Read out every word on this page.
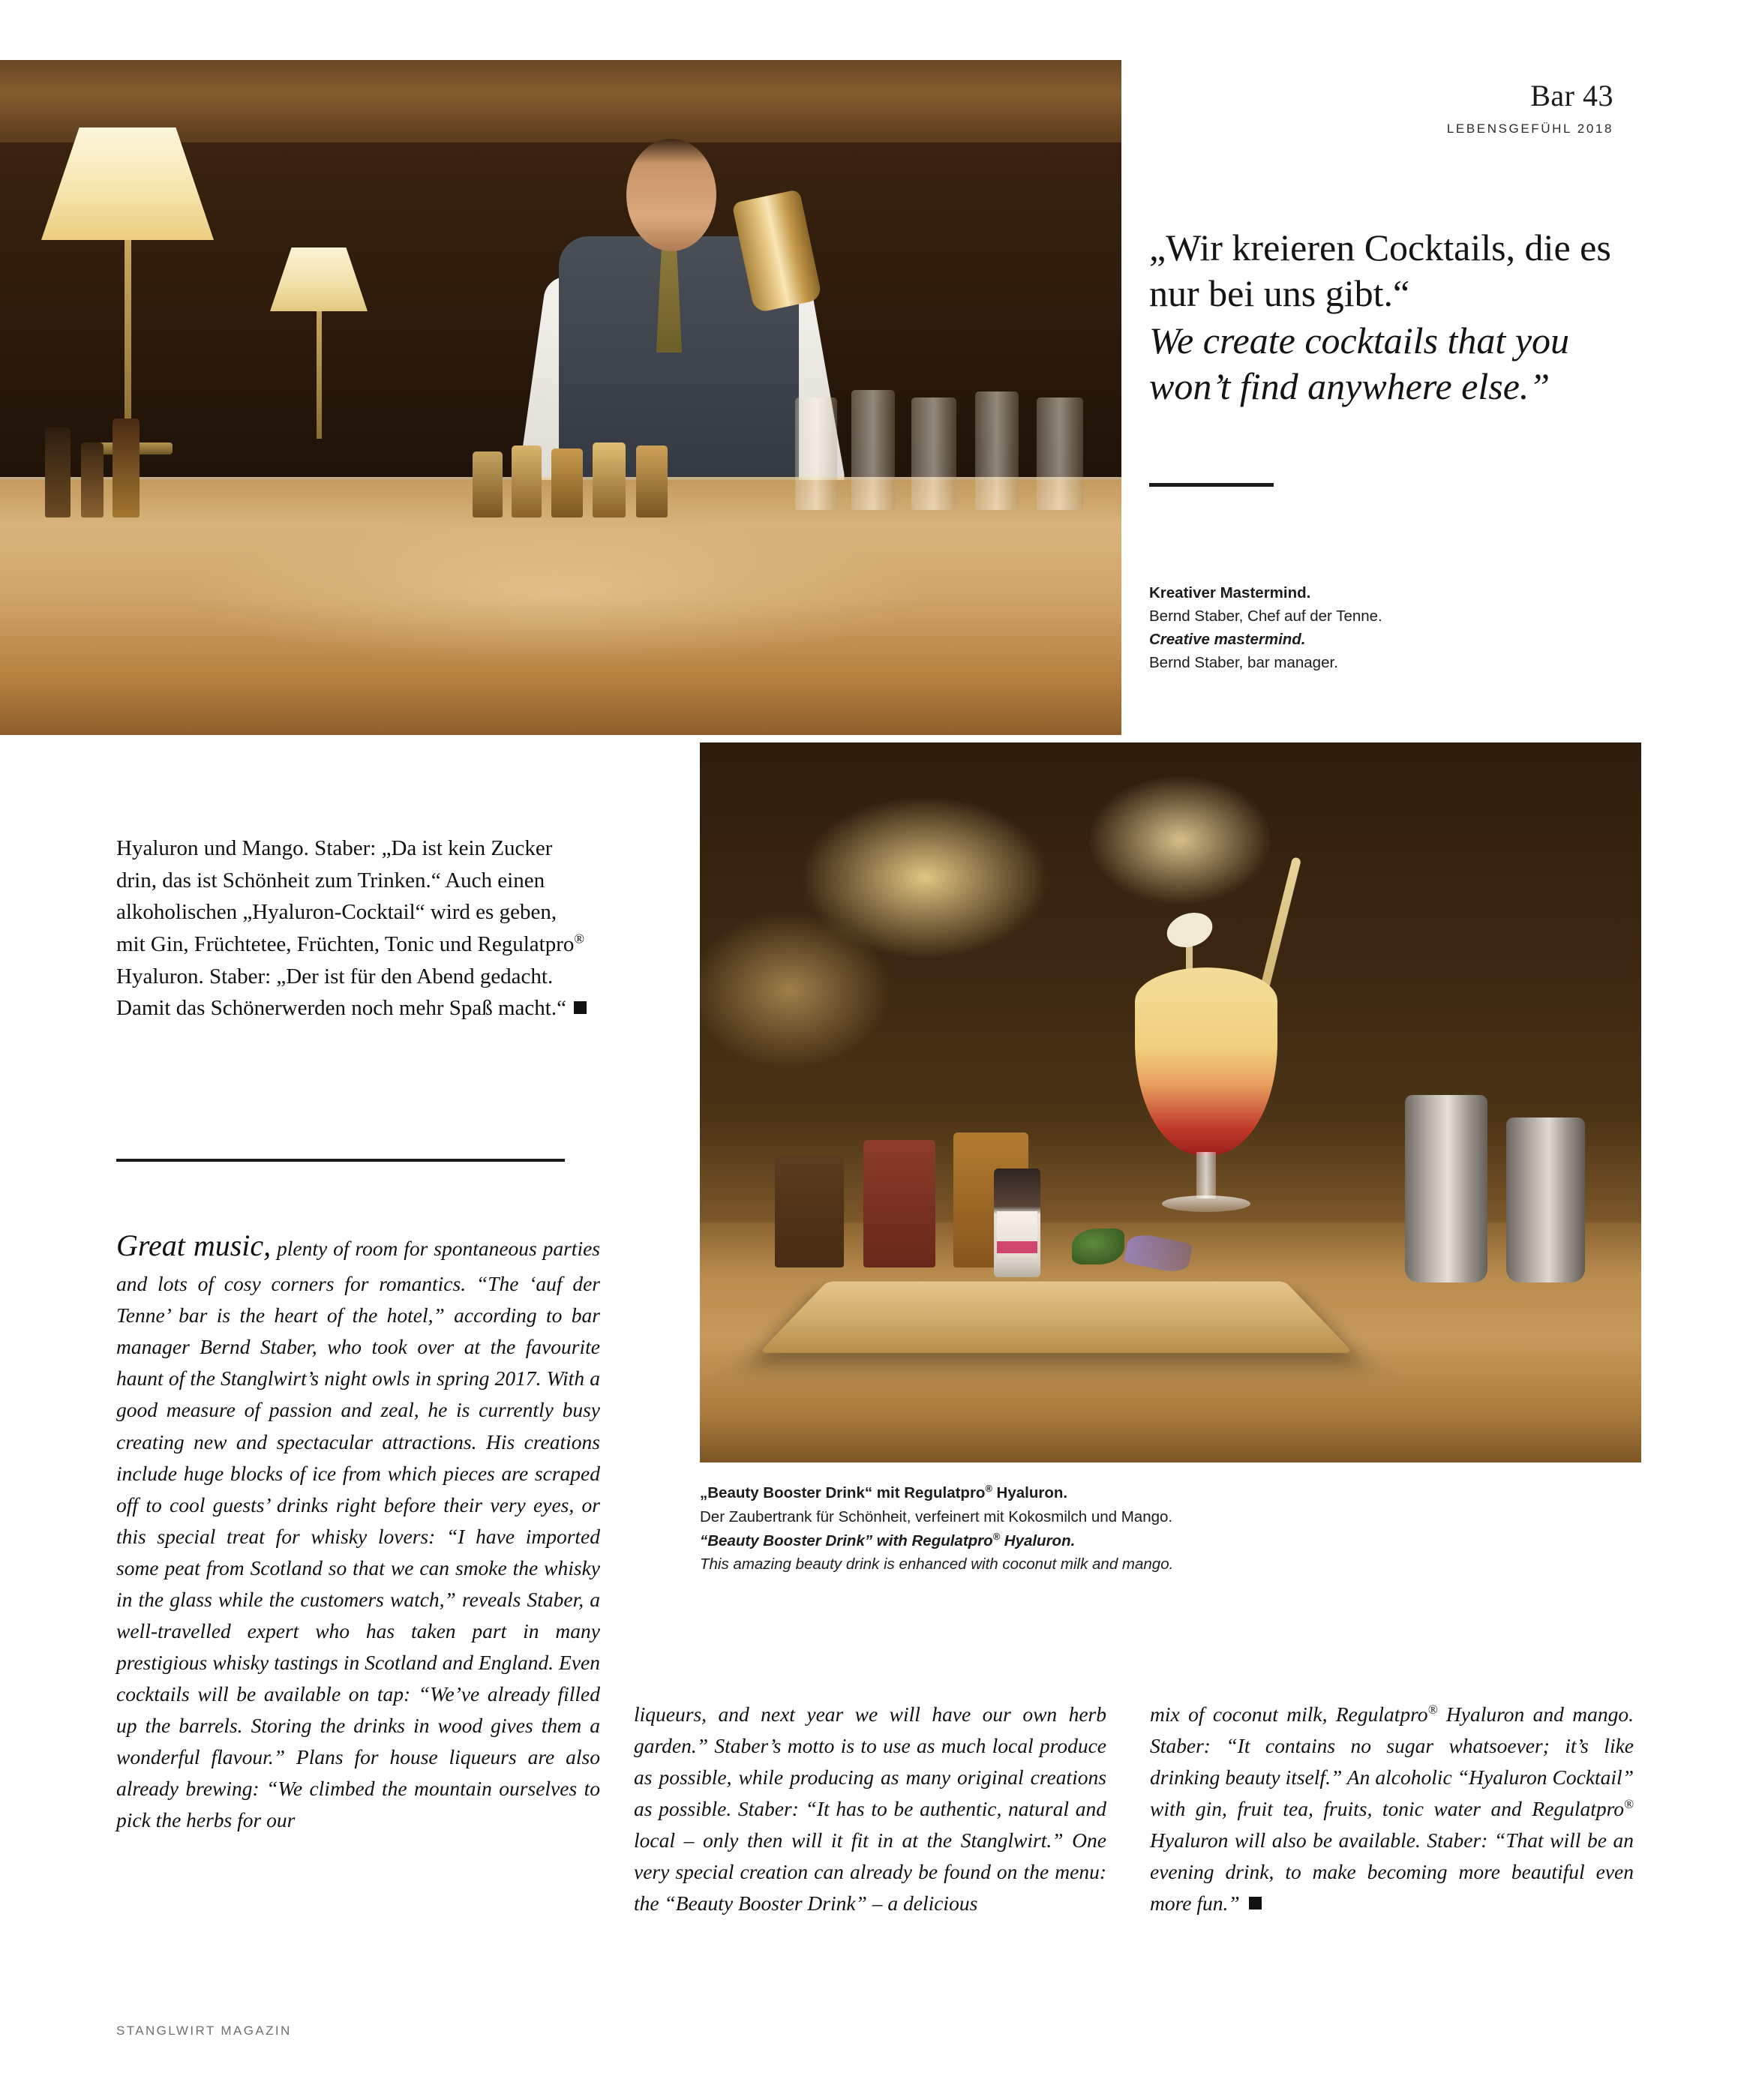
Bar 43
LEBENSGEFÜHL 2018
„Wir kreieren Cocktails, die es nur bei uns gibt.“
We create cocktails that you won’t find anywhere else.”
Kreativer Mastermind.
Bernd Staber, Chef auf der Tenne.
Creative mastermind.
Bernd Staber, bar manager.
Hyaluron und Mango. Staber: „Da ist kein Zucker drin, das ist Schönheit zum Trinken.“ Auch einen alkoholischen „Hyaluron-Cocktail“ wird es geben, mit Gin, Früchtetee, Früchten, Tonic und Regulatpro® Hyaluron. Staber: „Der ist für den Abend gedacht. Damit das Schönerwerden noch mehr Spaß macht.“
Great music, plenty of room for spontaneous parties and lots of cosy corners for romantics. “The ‘auf der Tenne’ bar is the heart of the hotel,” according to bar manager Bernd Staber, who took over at the favourite haunt of the Stanglwirt’s night owls in spring 2017. With a good measure of passion and zeal, he is currently busy creating new and spectacular attractions. His creations include huge blocks of ice from which pieces are scraped off to cool guests’ drinks right before their very eyes, or this special treat for whisky lovers: “I have imported some peat from Scotland so that we can smoke the whisky in the glass while the customers watch,” reveals Staber, a well-travelled expert who has taken part in many prestigious whisky tastings in Scotland and England. Even cocktails will be available on tap: “We’ve already filled up the barrels. Storing the drinks in wood gives them a wonderful flavour.” Plans for house liqueurs are also already brewing: “We climbed the mountain ourselves to pick the herbs for our
„Beauty Booster Drink“ mit Regulatpro® Hyaluron.
Der Zaubertrank für Schönheit, verfeinert mit Kokosmilch und Mango.
“Beauty Booster Drink” with Regulatpro® Hyaluron.
This amazing beauty drink is enhanced with coconut milk and mango.
liqueurs, and next year we will have our own herb garden.” Staber’s motto is to use as much local produce as possible, while producing as many original creations as possible. Staber: “It has to be authentic, natural and local – only then will it fit in at the Stanglwirt.” One very special creation can already be found on the menu: the “Beauty Booster Drink” – a delicious
mix of coconut milk, Regulatpro® Hyaluron and mango. Staber: “It contains no sugar whatsoever; it’s like drinking beauty itself.” An alcoholic “Hyaluron Cocktail” with gin, fruit tea, fruits, tonic water and Regulatpro® Hyaluron will also be available. Staber: “That will be an evening drink, to make becoming more beautiful even more fun.”
STANGLWIRT MAGAZIN
